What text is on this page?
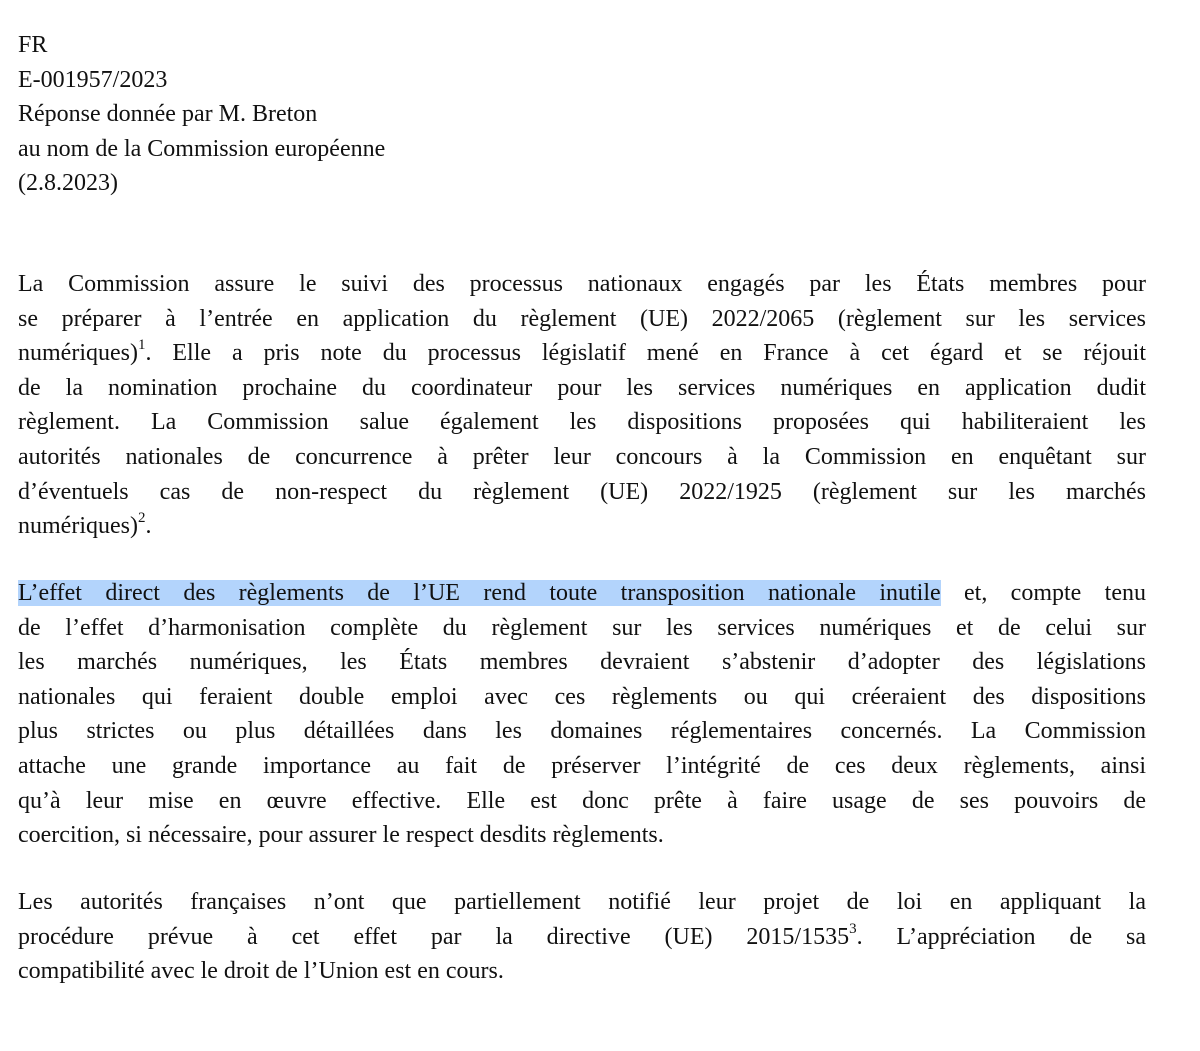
FR
E-001957/2023
Réponse donnée par M. Breton
au nom de la Commission européenne
(2.8.2023)
La Commission assure le suivi des processus nationaux engagés par les États membres pour
se préparer à l’entrée en application du règlement (UE) 2022/2065 (règlement sur les services
numériques)$^1$. Elle a pris note du processus législatif mené en France à cet égard et se réjouit
de la nomination prochaine du coordinateur pour les services numériques en application dudit
règlement. La Commission salue également les dispositions proposées qui habiliteraient les
autorités nationales de concurrence à prêter leur concours à la Commission en enquêtant sur
d’éventuels cas de non-respect du règlement (UE) 2022/1925 (règlement sur les marchés
numériques)$^2$.
L’effet direct des règlements de l’UE rend toute transposition nationale inutile et, compte tenu
de l’effet d’harmonisation complète du règlement sur les services numériques et de celui sur
les marchés numériques, les États membres devraient s’abstenir d’adopter des législations
nationales qui feraient double emploi avec ces règlements ou qui créeraient des dispositions
plus strictes ou plus détaillées dans les domaines réglementaires concernés. La Commission
attache une grande importance au fait de préserver l’intégrité de ces deux règlements, ainsi
qu’à leur mise en œuvre effective. Elle est donc prête à faire usage de ses pouvoirs de
coercition, si nécessaire, pour assurer le respect desdits règlements.
Les autorités françaises n’ont que partiellement notifié leur projet de loi en appliquant la
procédure prévue à cet effet par la directive (UE) 2015/1535$^3$. L’appréciation de sa
compatibilité avec le droit de l’Union est en cours.
